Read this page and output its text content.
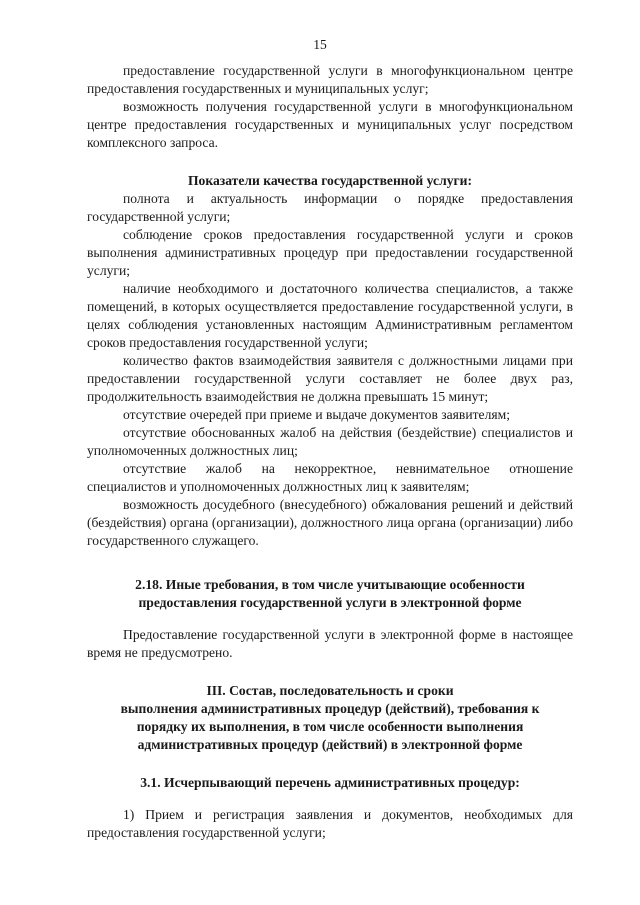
15

предоставление государственной услуги в многофункциональном центре предоставления государственных и муниципальных услуг;

возможность получения государственной услуги в многофункциональном центре предоставления государственных и муниципальных услуг посредством комплексного запроса.

Показатели качества государственной услуги:

полнота и актуальность информации о порядке предоставления государственной услуги;

соблюдение сроков предоставления государственной услуги и сроков выполнения административных процедур при предоставлении государственной услуги;

наличие необходимого и достаточного количества специалистов, а также помещений, в которых осуществляется предоставление государственной услуги, в целях соблюдения установленных настоящим Административным регламентом сроков предоставления государственной услуги;

количество фактов взаимодействия заявителя с должностными лицами при предоставлении государственной услуги составляет не более двух раз, продолжительность взаимодействия не должна превышать 15 минут;

отсутствие очередей при приеме и выдаче документов заявителям;

отсутствие обоснованных жалоб на действия (бездействие) специалистов и уполномоченных должностных лиц;

отсутствие жалоб на некорректное, невнимательное отношение специалистов и уполномоченных должностных лиц к заявителям;

возможность досудебного (внесудебного) обжалования решений и действий (бездействия) органа (организации), должностного лица органа (организации) либо государственного служащего.

2.18. Иные требования, в том числе учитывающие особенности

предоставления государственной услуги в электронной форме

Предоставление государственной услуги в электронной форме в настоящее время не предусмотрено.

III. Состав, последовательность и сроки

выполнения административных процедур (действий), требования к

порядку их выполнения, в том числе особенности выполнения

административных процедур (действий) в электронной форме

3.1. Исчерпывающий перечень административных процедур:

1) Прием и регистрация заявления и документов, необходимых для предоставления государственной услуги;
